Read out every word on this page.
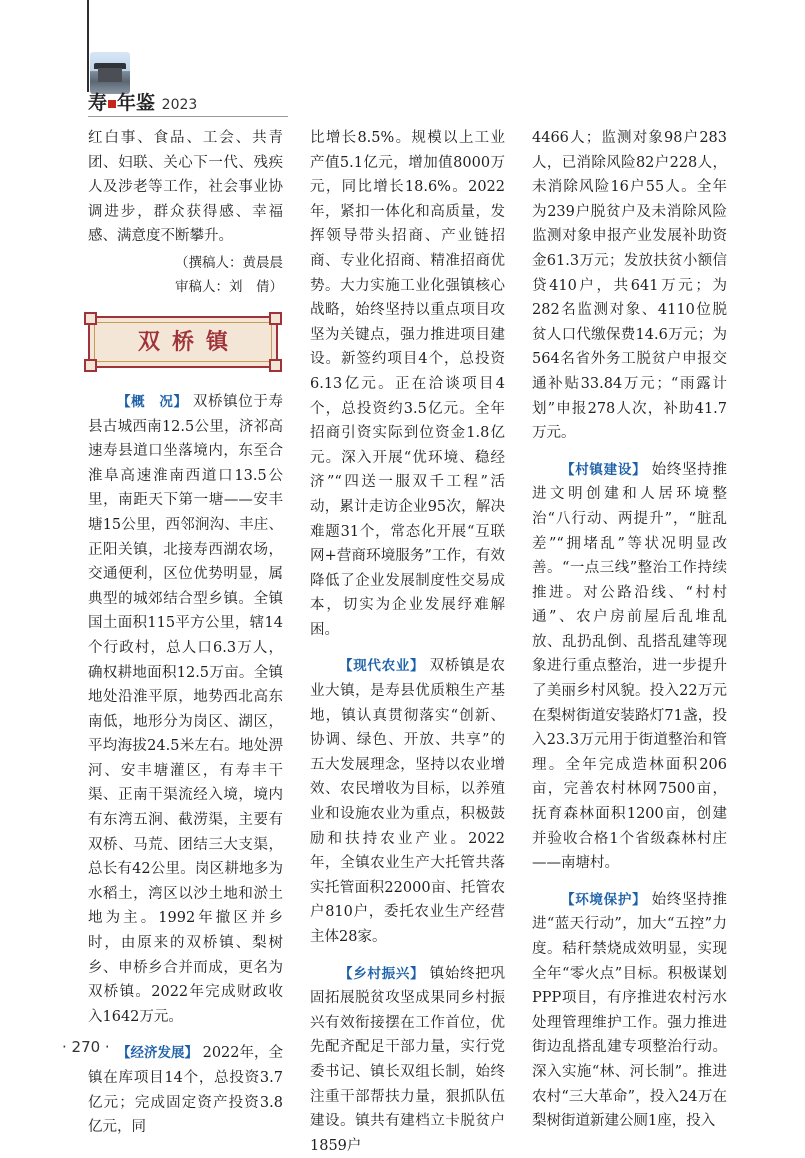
寿 年鉴 2023

红白事、食品、工会、共青团、妇联、关心下一代、残疾人及涉老等工作，社会事业协调进步，群众获得感、幸福感、满意度不断攀升。

（撰稿人：黄晨晨
审稿人：刘　倩）
双桥镇

【概　况】 双桥镇位于寿县古城西南12.5公里，济祁高速寿县道口坐落境内，东至合淮阜高速淮南西道口13.5公里，南距天下第一塘——安丰塘15公里，西邻涧沟、丰庄、正阳关镇，北接寿西湖农场，交通便利，区位优势明显，属典型的城郊结合型乡镇。全镇国土面积115平方公里，辖14个行政村，总人口6.3万人，确权耕地面积12.5万亩。全镇地处沿淮平原，地势西北高东南低，地形分为岗区、湖区，平均海拔24.5米左右。地处淠河、安丰塘灌区，有寿丰干渠、正南干渠流经入境，境内有东湾五涧、截涝渠，主要有双桥、马荒、团结三大支渠，总长有42公里。岗区耕地多为水稻土，湾区以沙土地和淤土地为主。1992年撤区并乡时，由原来的双桥镇、梨树乡、申桥乡合并而成，更名为双桥镇。2022年完成财政收入1642万元。

【经济发展】 2022年，全镇在库项目14个，总投资3.7亿元；完成固定资产投资3.8亿元，同

比增长8.5%。规模以上工业产值5.1亿元，增加值8000万元，同比增长18.6%。2022年，紧扣一体化和高质量，发挥领导带头招商、产业链招商、专业化招商、精准招商优势。大力实施工业化强镇核心战略，始终坚持以重点项目攻坚为关键点，强力推进项目建设。新签约项目4个，总投资6.13亿元。正在洽谈项目4个，总投资约3.5亿元。全年招商引资实际到位资金1.8亿元。深入开展“优环境、稳经济”“四送一服双千工程”活动，累计走访企业95次，解决难题31个，常态化开展“互联网+营商环境服务”工作，有效降低了企业发展制度性交易成本，切实为企业发展纾难解困。

【现代农业】 双桥镇是农业大镇，是寿县优质粮生产基地，镇认真贯彻落实“创新、协调、绿色、开放、共享”的五大发展理念，坚持以农业增效、农民增收为目标，以养殖业和设施农业为重点，积极鼓励和扶持农业产业。2022年，全镇农业生产大托管共落实托管面积22000亩、托管农户810户，委托农业生产经营主体28家。

【乡村振兴】 镇始终把巩固拓展脱贫攻坚成果同乡村振兴有效衔接摆在工作首位，优先配齐配足干部力量，实行党委书记、镇长双组长制，始终注重干部帮扶力量，狠抓队伍建设。镇共有建档立卡脱贫户1859户

4466人；监测对象98户283人，已消除风险82户228人，未消除风险16户55人。全年为239户脱贫户及未消除风险监测对象申报产业发展补助资金61.3万元；发放扶贫小额信贷410户，共641万元；为282名监测对象、4110位脱贫人口代缴保费14.6万元；为564名省外务工脱贫户申报交通补贴33.84万元；“雨露计划”申报278人次，补助41.7万元。

【村镇建设】 始终坚持推进文明创建和人居环境整治“八行动、两提升”，“脏乱差”“拥堵乱”等状况明显改善。“一点三线”整治工作持续推进。对公路沿线、“村村通”、农户房前屋后乱堆乱放、乱扔乱倒、乱搭乱建等现象进行重点整治，进一步提升了美丽乡村风貌。投入22万元在梨树街道安装路灯71盏，投入23.3万元用于街道整治和管理。全年完成造林面积206亩，完善农村林网7500亩，抚育森林面积1200亩，创建并验收合格1个省级森林村庄——南塘村。

【环境保护】 始终坚持推进“蓝天行动”，加大“五控”力度。秸秆禁烧成效明显，实现全年“零火点”目标。积极谋划PPP项目，有序推进农村污水处理管理维护工作。强力推进街边乱搭乱建专项整治行动。深入实施“林、河长制”。推进农村“三大革命”，投入24万在梨树街道新建公厕1座，投入

· 270 ·
